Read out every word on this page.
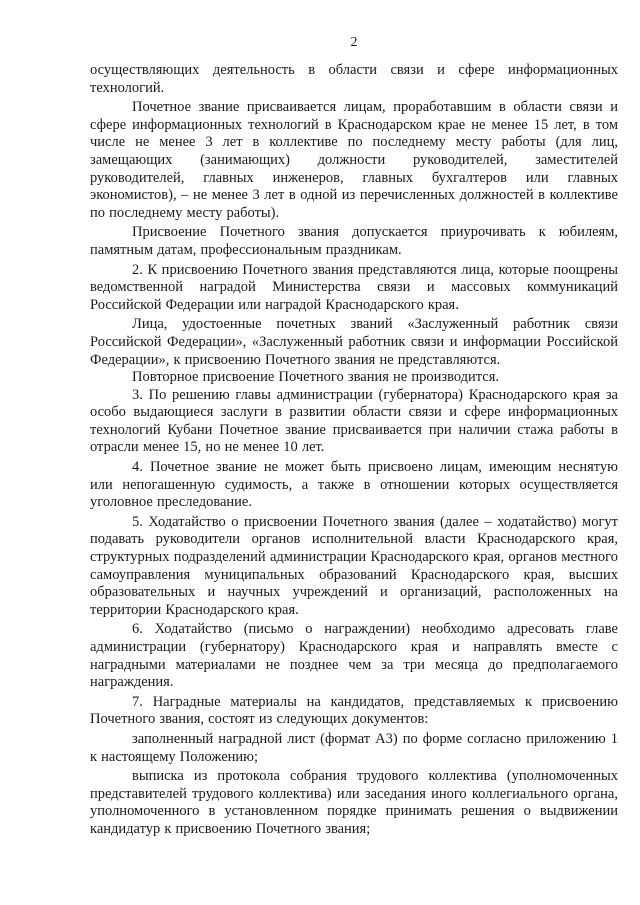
2

осуществляющих деятельность в области связи и сфере информационных технологий.

Почетное звание присваивается лицам, проработавшим в области связи и сфере информационных технологий в Краснодарском крае не менее 15 лет, в том числе не менее 3 лет в коллективе по последнему месту работы (для лиц, замещающих (занимающих) должности руководителей, заместителей руководителей, главных инженеров, главных бухгалтеров или главных экономистов), – не менее 3 лет в одной из перечисленных должностей в коллективе по последнему месту работы).

Присвоение Почетного звания допускается приурочивать к юбилеям, памятным датам, профессиональным праздникам.

2. К присвоению Почетного звания представляются лица, которые поощрены ведомственной наградой Министерства связи и массовых коммуникаций Российской Федерации или наградой Краснодарского края.

Лица, удостоенные почетных званий «Заслуженный работник связи Российской Федерации», «Заслуженный работник связи и информации Российской Федерации», к присвоению Почетного звания не представляются.

Повторное присвоение Почетного звания не производится.

3. По решению главы администрации (губернатора) Краснодарского края за особо выдающиеся заслуги в развитии области связи и сфере информационных технологий Кубани Почетное звание присваивается при наличии стажа работы в отрасли менее 15, но не менее 10 лет.

4. Почетное звание не может быть присвоено лицам, имеющим неснятую или непогашенную судимость, а также в отношении которых осуществляется уголовное преследование.

5. Ходатайство о присвоении Почетного звания (далее – ходатайство) могут подавать руководители органов исполнительной власти Краснодарского края, структурных подразделений администрации Краснодарского края, органов местного самоуправления муниципальных образований Краснодарского края, высших образовательных и научных учреждений и организаций, расположенных на территории Краснодарского края.

6. Ходатайство (письмо о награждении) необходимо адресовать главе администрации (губернатору) Краснодарского края и направлять вместе с наградными материалами не позднее чем за три месяца до предполагаемого награждения.

7. Наградные материалы на кандидатов, представляемых к присвоению Почетного звания, состоят из следующих документов:

заполненный наградной лист (формат А3) по форме согласно приложению 1 к настоящему Положению;

выписка из протокола собрания трудового коллектива (уполномоченных представителей трудового коллектива) или заседания иного коллегиального органа, уполномоченного в установленном порядке принимать решения о выдвижении кандидатур к присвоению Почетного звания;
